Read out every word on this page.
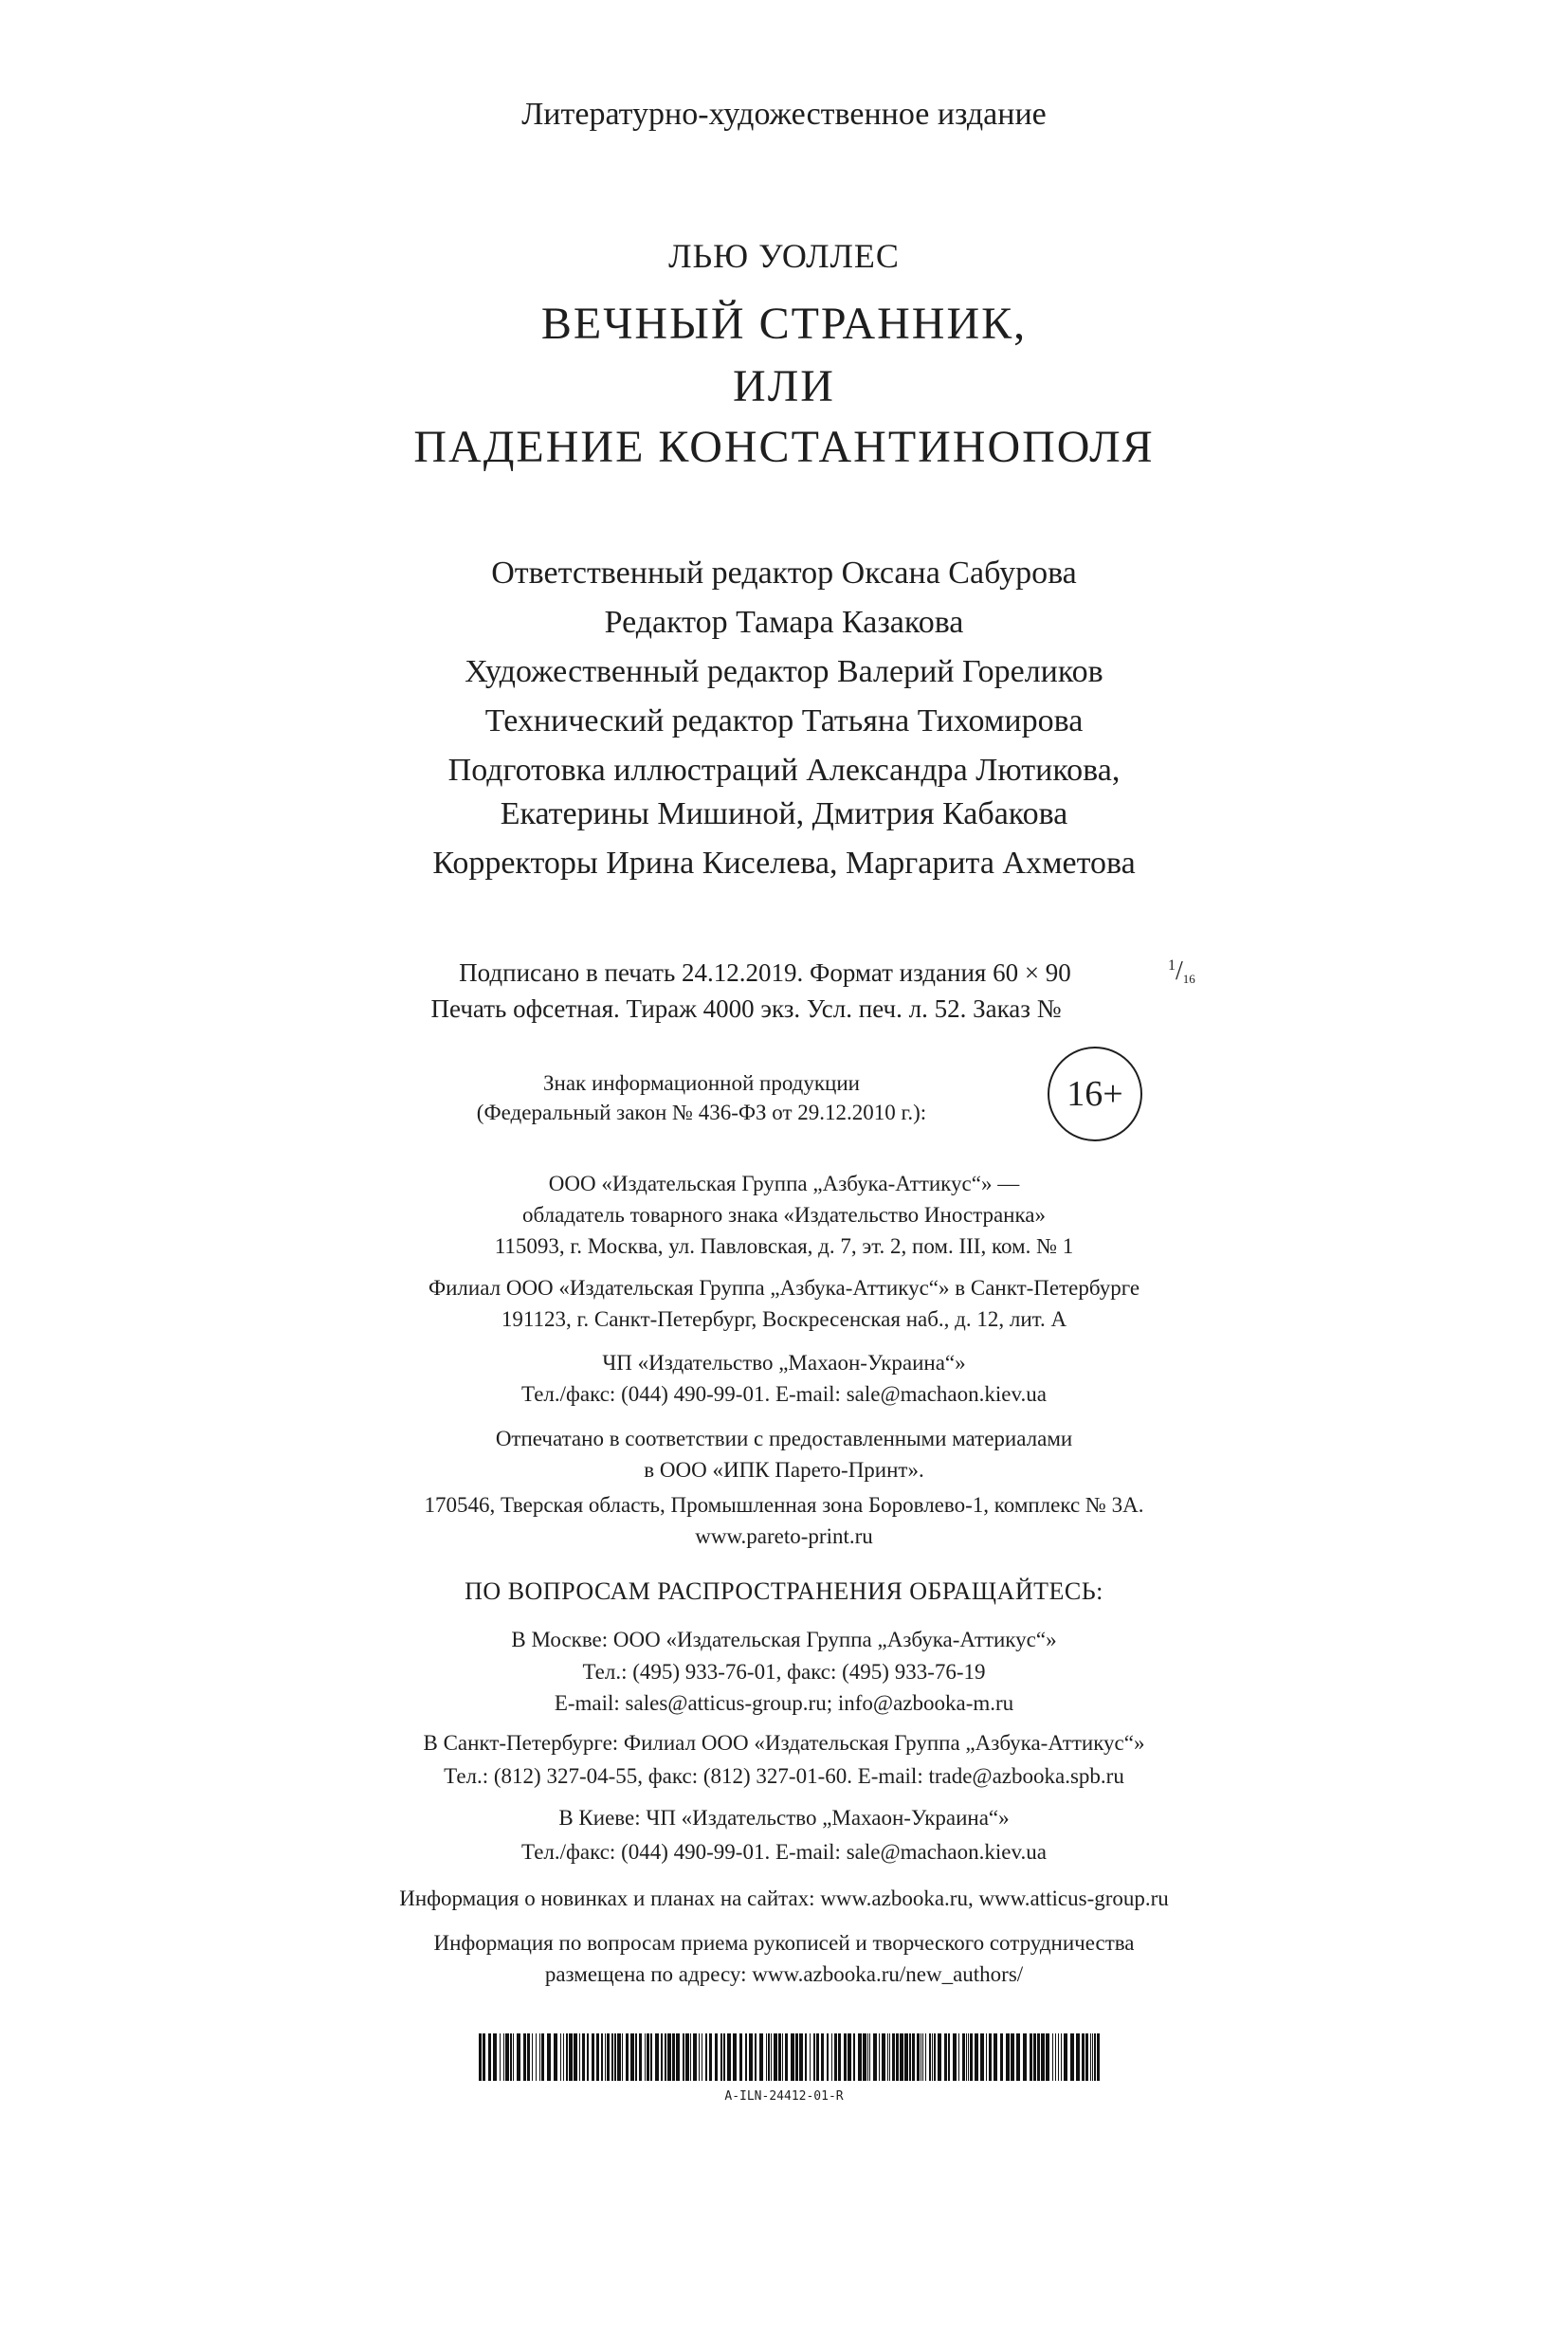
Литературно-художественное издание
ЛЬЮ УОЛЛЕС
ВЕЧНЫЙ СТРАННИК,
ИЛИ
ПАДЕНИЕ КОНСТАНТИНОПОЛЯ
Ответственный редактор Оксана Сабурова
Редактор Тамара Казакова
Художественный редактор Валерий Гореликов
Технический редактор Татьяна Тихомирова
Подготовка иллюстраций Александра Лютикова,
Екатерины Мишиной, Дмитрия Кабакова
Корректоры Ирина Киселева, Маргарита Ахметова
Подписано в печать 24.12.2019. Формат издания 60 × 90	$^1/_{16}$
Печать офсетная. Тираж 4000 экз. Усл. печ. л. 52. Заказ №
Знак информационной продукции
(Федеральный закон № 436-ФЗ от 29.12.2010 г.):	16+
ООО «Издательская Группа „Азбука-Аттикус“» —
обладатель товарного знака «Издательство Иностранка»
115093, г. Москва, ул. Павловская, д. 7, эт. 2, пом. III, ком. № 1
Филиал ООО «Издательская Группа „Азбука-Аттикус“» в Санкт-Петербурге
191123, г. Санкт-Петербург, Воскресенская наб., д. 12, лит. А
ЧП «Издательство „Махаон-Украина“»
Тел./факс: (044) 490-99-01. E-mail: sale@machaon.kiev.ua
Отпечатано в соответствии с предоставленными материалами
в ООО «ИПК Парето-Принт».
170546, Тверская область, Промышленная зона Боровлево-1, комплекс № 3А.
www.pareto-print.ru
ПО ВОПРОСАМ РАСПРОСТРАНЕНИЯ ОБРАЩАЙТЕСЬ:
В Москве: ООО «Издательская Группа „Азбука-Аттикус“»
Тел.: (495) 933-76-01, факс: (495) 933-76-19
E-mail: sales@atticus-group.ru; info@azbooka-m.ru
В Санкт-Петербурге: Филиал ООО «Издательская Группа „Азбука-Аттикус“»
Тел.: (812) 327-04-55, факс: (812) 327-01-60. E-mail: trade@azbooka.spb.ru
В Киеве: ЧП «Издательство „Махаон-Украина“»
Тел./факс: (044) 490-99-01. E-mail: sale@machaon.kiev.ua
Информация о новинках и планах на сайтах: www.azbooka.ru, www.atticus-group.ru
Информация по вопросам приема рукописей и творческого сотрудничества
размещена по адресу: www.azbooka.ru/new_authors/
A-ILN-24412-01-R
